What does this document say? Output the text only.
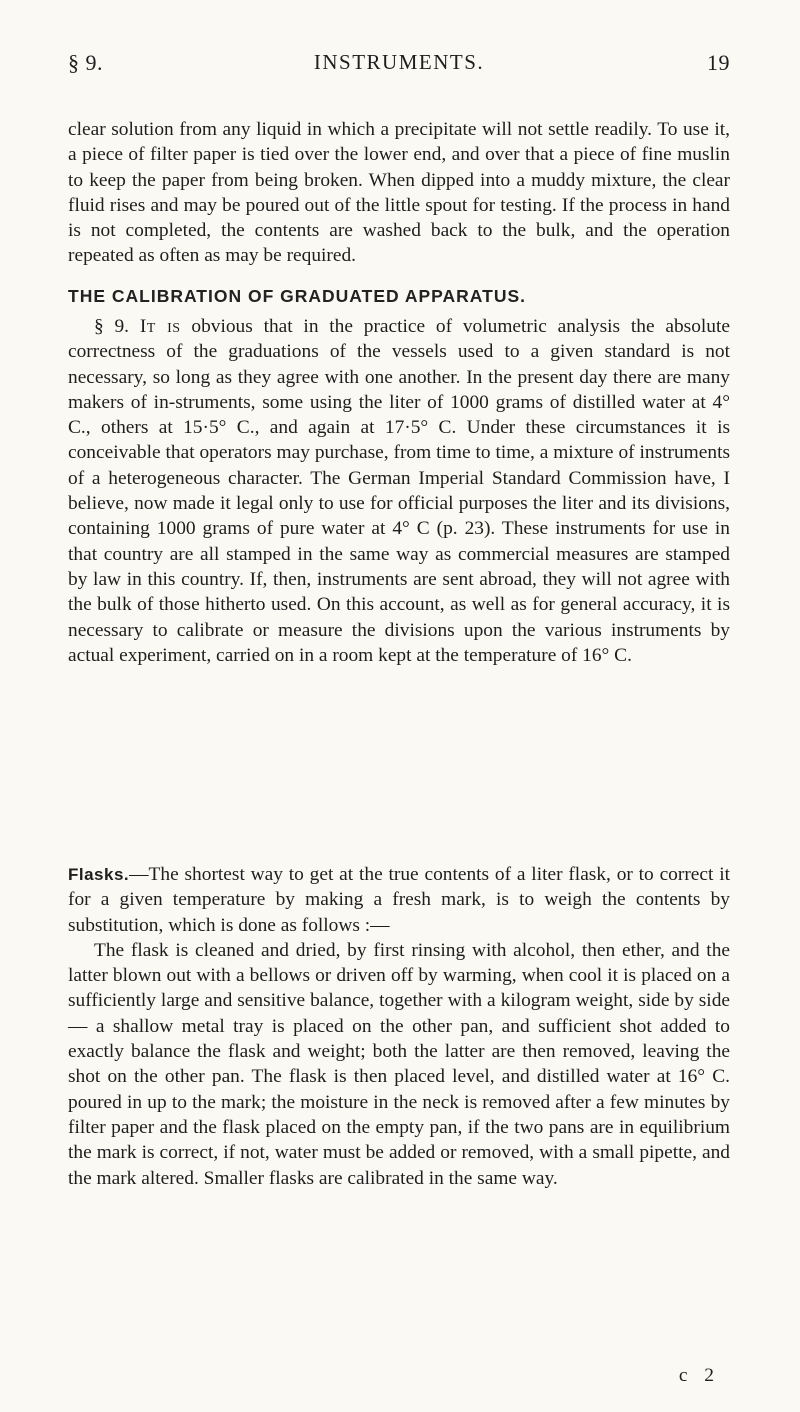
§ 9.	INSTRUMENTS.	19

clear solution from any liquid in which a precipitate will not settle readily. To use it, a piece of filter paper is tied over the lower end, and over that a piece of fine muslin to keep the paper from being broken. When dipped into a muddy mixture, the clear fluid rises and may be poured out of the little spout for testing. If the process in hand is not completed, the contents are washed back to the bulk, and the operation repeated as often as may be required.

THE CALIBRATION OF GRADUATED APPARATUS.

§ 9. It is obvious that in the practice of volumetric analysis the absolute correctness of the graduations of the vessels used to a given standard is not necessary, so long as they agree with one another. In the present day there are many makers of in-struments, some using the liter of 1000 grams of distilled water at 4° C., others at 15·5° C., and again at 17·5° C. Under these circumstances it is conceivable that operators may purchase, from time to time, a mixture of instruments of a heterogeneous character. The German Imperial Standard Commission have, I believe, now made it legal only to use for official purposes the liter and its divisions, containing 1000 grams of pure water at 4° C (p. 23). These instruments for use in that country are all stamped in the same way as commercial measures are stamped by law in this country. If, then, instruments are sent abroad, they will not agree with the bulk of those hitherto used. On this account, as well as for general accuracy, it is necessary to calibrate or measure the divisions upon the various instruments by actual experiment, carried on in a room kept at the temperature of 16° C.

Flasks.—The shortest way to get at the true contents of a liter flask, or to correct it for a given temperature by making a fresh mark, is to weigh the contents by substitution, which is done as follows :—

The flask is cleaned and dried, by first rinsing with alcohol, then ether, and the latter blown out with a bellows or driven off by warming, when cool it is placed on a sufficiently large and sensitive balance, together with a kilogram weight, side by side— a shallow metal tray is placed on the other pan, and sufficient shot added to exactly balance the flask and weight; both the latter are then removed, leaving the shot on the other pan. The flask is then placed level, and distilled water at 16° C. poured in up to the mark; the moisture in the neck is removed after a few minutes by filter paper and the flask placed on the empty pan, if the two pans are in equilibrium the mark is correct, if not, water must be added or removed, with a small pipette, and the mark altered. Smaller flasks are calibrated in the same way.

c 2
